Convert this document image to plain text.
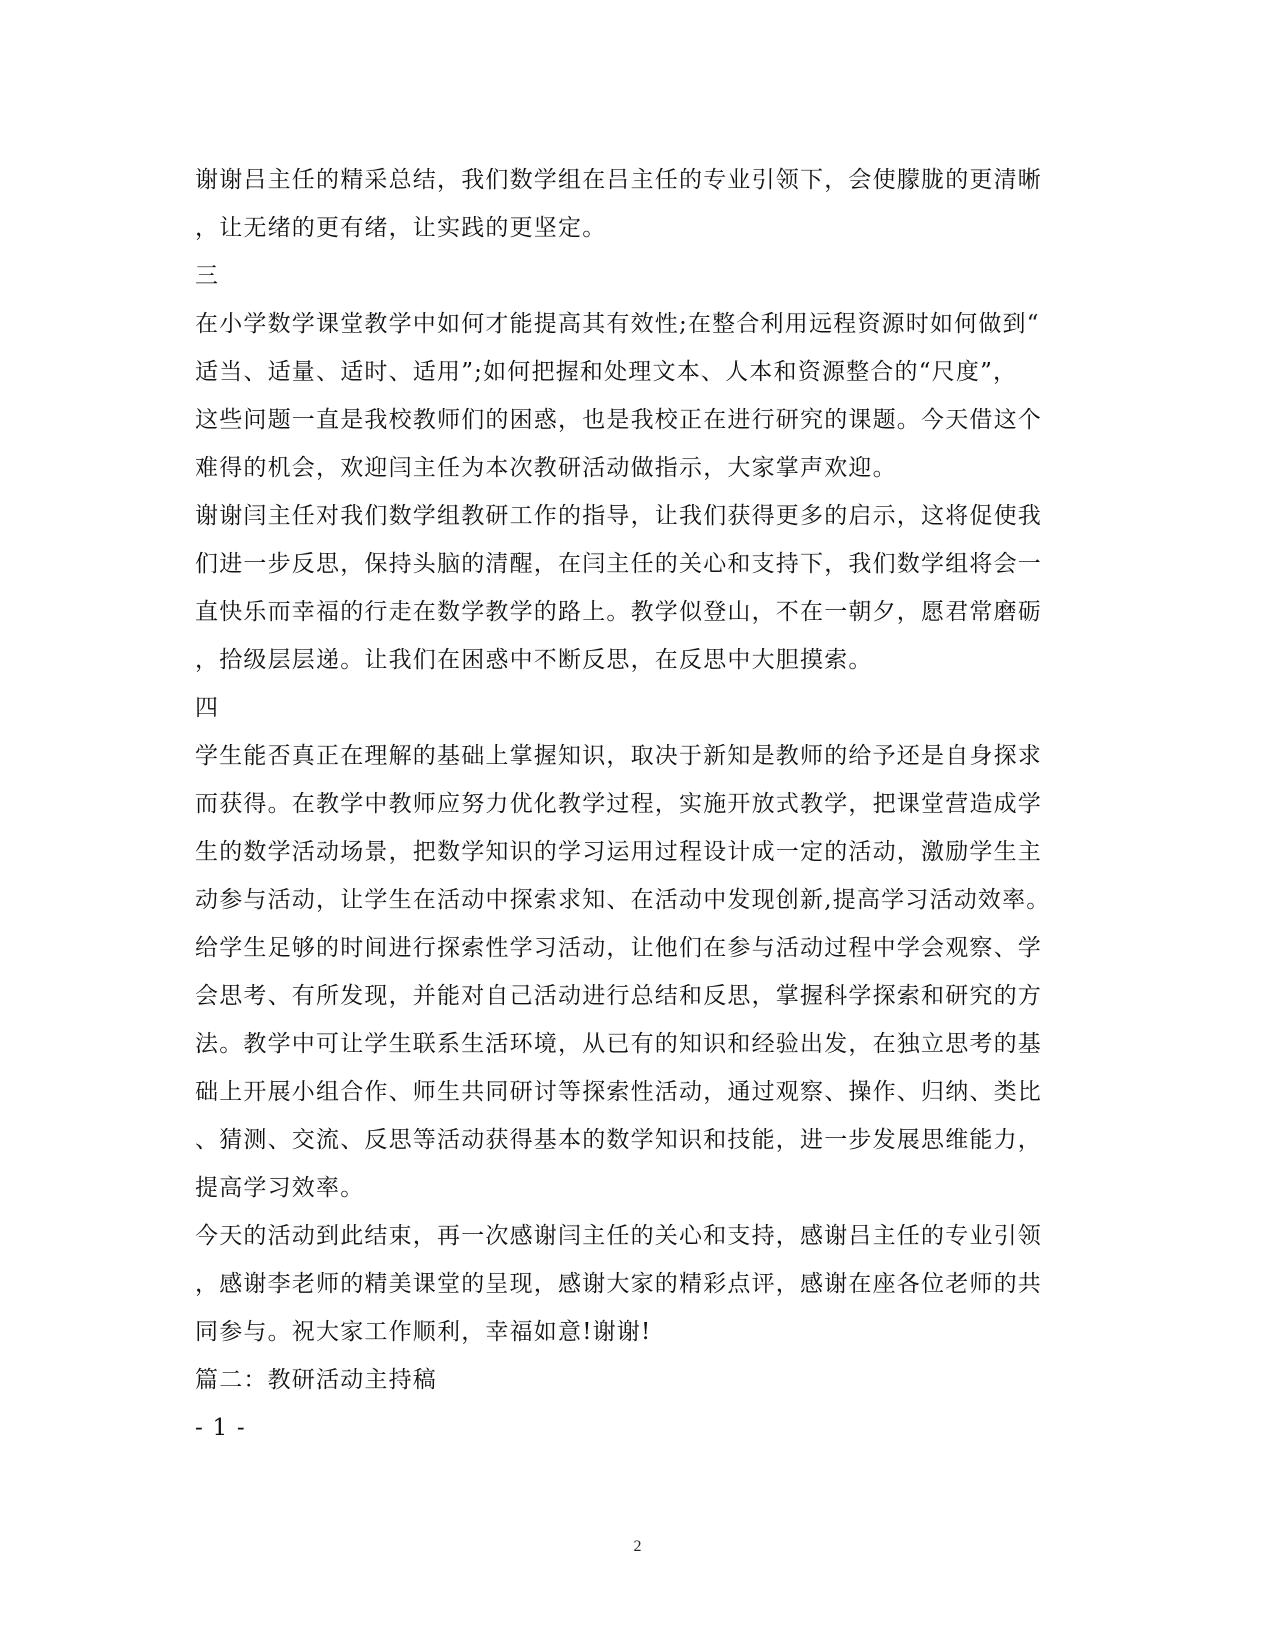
谢谢吕主任的精采总结，我们数学组在吕主任的专业引领下，会使朦胧的更清晰
，让无绪的更有绪，让实践的更坚定。
三
在小学数学课堂教学中如何才能提高其有效性;在整合利用远程资源时如何做到“
适当、适量、适时、适用”;如何把握和处理文本、人本和资源整合的“尺度”，
这些问题一直是我校教师们的困惑，也是我校正在进行研究的课题。今天借这个
难得的机会，欢迎闫主任为本次教研活动做指示，大家掌声欢迎。
谢谢闫主任对我们数学组教研工作的指导，让我们获得更多的启示，这将促使我
们进一步反思，保持头脑的清醒，在闫主任的关心和支持下，我们数学组将会一
直快乐而幸福的行走在数学教学的路上。教学似登山，不在一朝夕，愿君常磨砺
，拾级层层递。让我们在困惑中不断反思，在反思中大胆摸索。
四
学生能否真正在理解的基础上掌握知识，取决于新知是教师的给予还是自身探求
而获得。在教学中教师应努力优化教学过程，实施开放式教学，把课堂营造成学
生的数学活动场景，把数学知识的学习运用过程设计成一定的活动，激励学生主
动参与活动，让学生在活动中探索求知、在活动中发现创新,提高学习活动效率。
给学生足够的时间进行探索性学习活动，让他们在参与活动过程中学会观察、学
会思考、有所发现，并能对自己活动进行总结和反思，掌握科学探索和研究的方
法。教学中可让学生联系生活环境，从已有的知识和经验出发，在独立思考的基
础上开展小组合作、师生共同研讨等探索性活动，通过观察、操作、归纳、类比
、猜测、交流、反思等活动获得基本的数学知识和技能，进一步发展思维能力，
提高学习效率。
今天的活动到此结束，再一次感谢闫主任的关心和支持，感谢吕主任的专业引领
，感谢李老师的精美课堂的呈现，感谢大家的精彩点评，感谢在座各位老师的共
同参与。祝大家工作顺利，幸福如意!谢谢!
篇二：教研活动主持稿
- 1 -
2
